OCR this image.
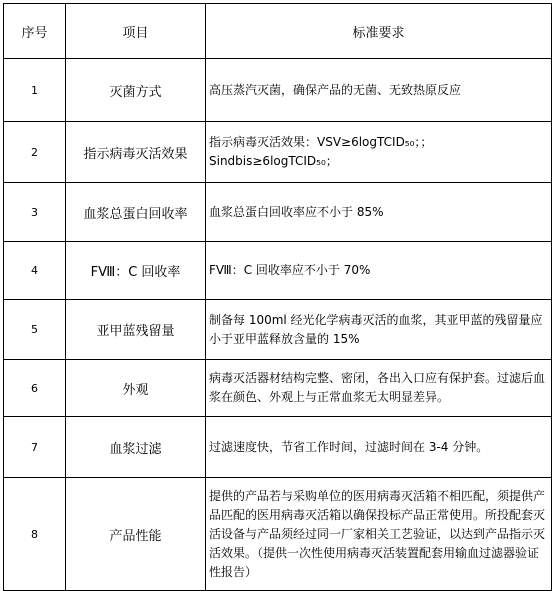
序号	项目	标准要求
1	灭菌方式	高压蒸汽灭菌，确保产品的无菌、无致热原反应
2	指示病毒灭活效果	指示病毒灭活效果：VSV≥6logTCID₅₀；；Sindbis≥6logTCID₅₀；
3	血浆总蛋白回收率	血浆总蛋白回收率应不小于 85%
4	FⅧ：C 回收率	FⅧ：C 回收率应不小于 70%
5	亚甲蓝残留量	制备每 100ml 经光化学病毒灭活的血浆，其亚甲蓝的残留量应小于亚甲蓝释放含量的 15%
6	外观	病毒灭活器材结构完整、密闭，各出入口应有保护套。过滤后血浆在颜色、外观上与正常血浆无太明显差异。
7	血浆过滤	过滤速度快，节省工作时间，过滤时间在 3-4 分钟。
8	产品性能	提供的产品若与采购单位的医用病毒灭活箱不相匹配，须提供产品匹配的医用病毒灭活箱以确保投标产品正常使用。所投配套灭活设备与产品须经过同一厂家相关工艺验证，以达到产品指示灭活效果。（提供一次性使用病毒灭活装置配套用输血过滤器验证性报告）
